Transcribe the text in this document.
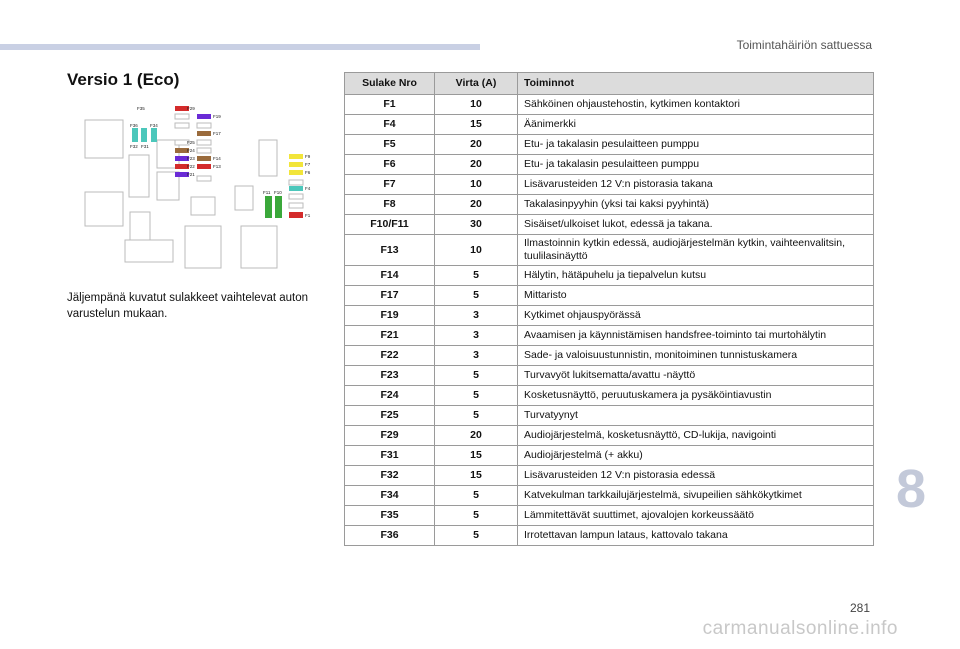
Toimintahäiriön sattuessa
Versio 1 (Eco)
F35	F29
F19
F36	F34
F32 F31
F17
F25
F24
F23	F14
F22	F13
F21
F9
F7
F6
F4
F11 F10
F1
Jäljempänä kuvatut sulakkeet vaihtelevat auton varustelun mukaan.
Sulake Nro	Virta (A)	Toiminnot
F1	10	Sähköinen ohjaustehostin, kytkimen kontaktori
F4	15	Äänimerkki
F5	20	Etu- ja takalasin pesulaitteen pumppu
F6	20	Etu- ja takalasin pesulaitteen pumppu
F7	10	Lisävarusteiden 12 V:n pistorasia takana
F8	20	Takalasinpyyhin (yksi tai kaksi pyyhintä)
F10/F11	30	Sisäiset/ulkoiset lukot, edessä ja takana.
F13	10	Ilmastoinnin kytkin edessä, audiojärjestelmän kytkin, vaihteenvalitsin, tuulilasinäyttö
F14	5	Hälytin, hätäpuhelu ja tiepalvelun kutsu
F17	5	Mittaristo
F19	3	Kytkimet ohjauspyörässä
F21	3	Avaamisen ja käynnistämisen handsfree-toiminto tai murtohälytin
F22	3	Sade- ja valoisuustunnistin, monitoiminen tunnistuskamera
F23	5	Turvavyöt lukitsematta/avattu -näyttö
F24	5	Kosketusnäyttö, peruutuskamera ja pysäköintiavustin
F25	5	Turvatyynyt
F29	20	Audiojärjestelmä, kosketusnäyttö, CD-lukija, navigointi
F31	15	Audiojärjestelmä (+ akku)
F32	15	Lisävarusteiden 12 V:n pistorasia edessä
F34	5	Katvekulman tarkkailujärjestelmä, sivupeilien sähkökytkimet
F35	5	Lämmitettävät suuttimet, ajovalojen korkeussäätö
F36	5	Irrotettavan lampun lataus, kattovalo takana
8
281
carmanualsonline.info
